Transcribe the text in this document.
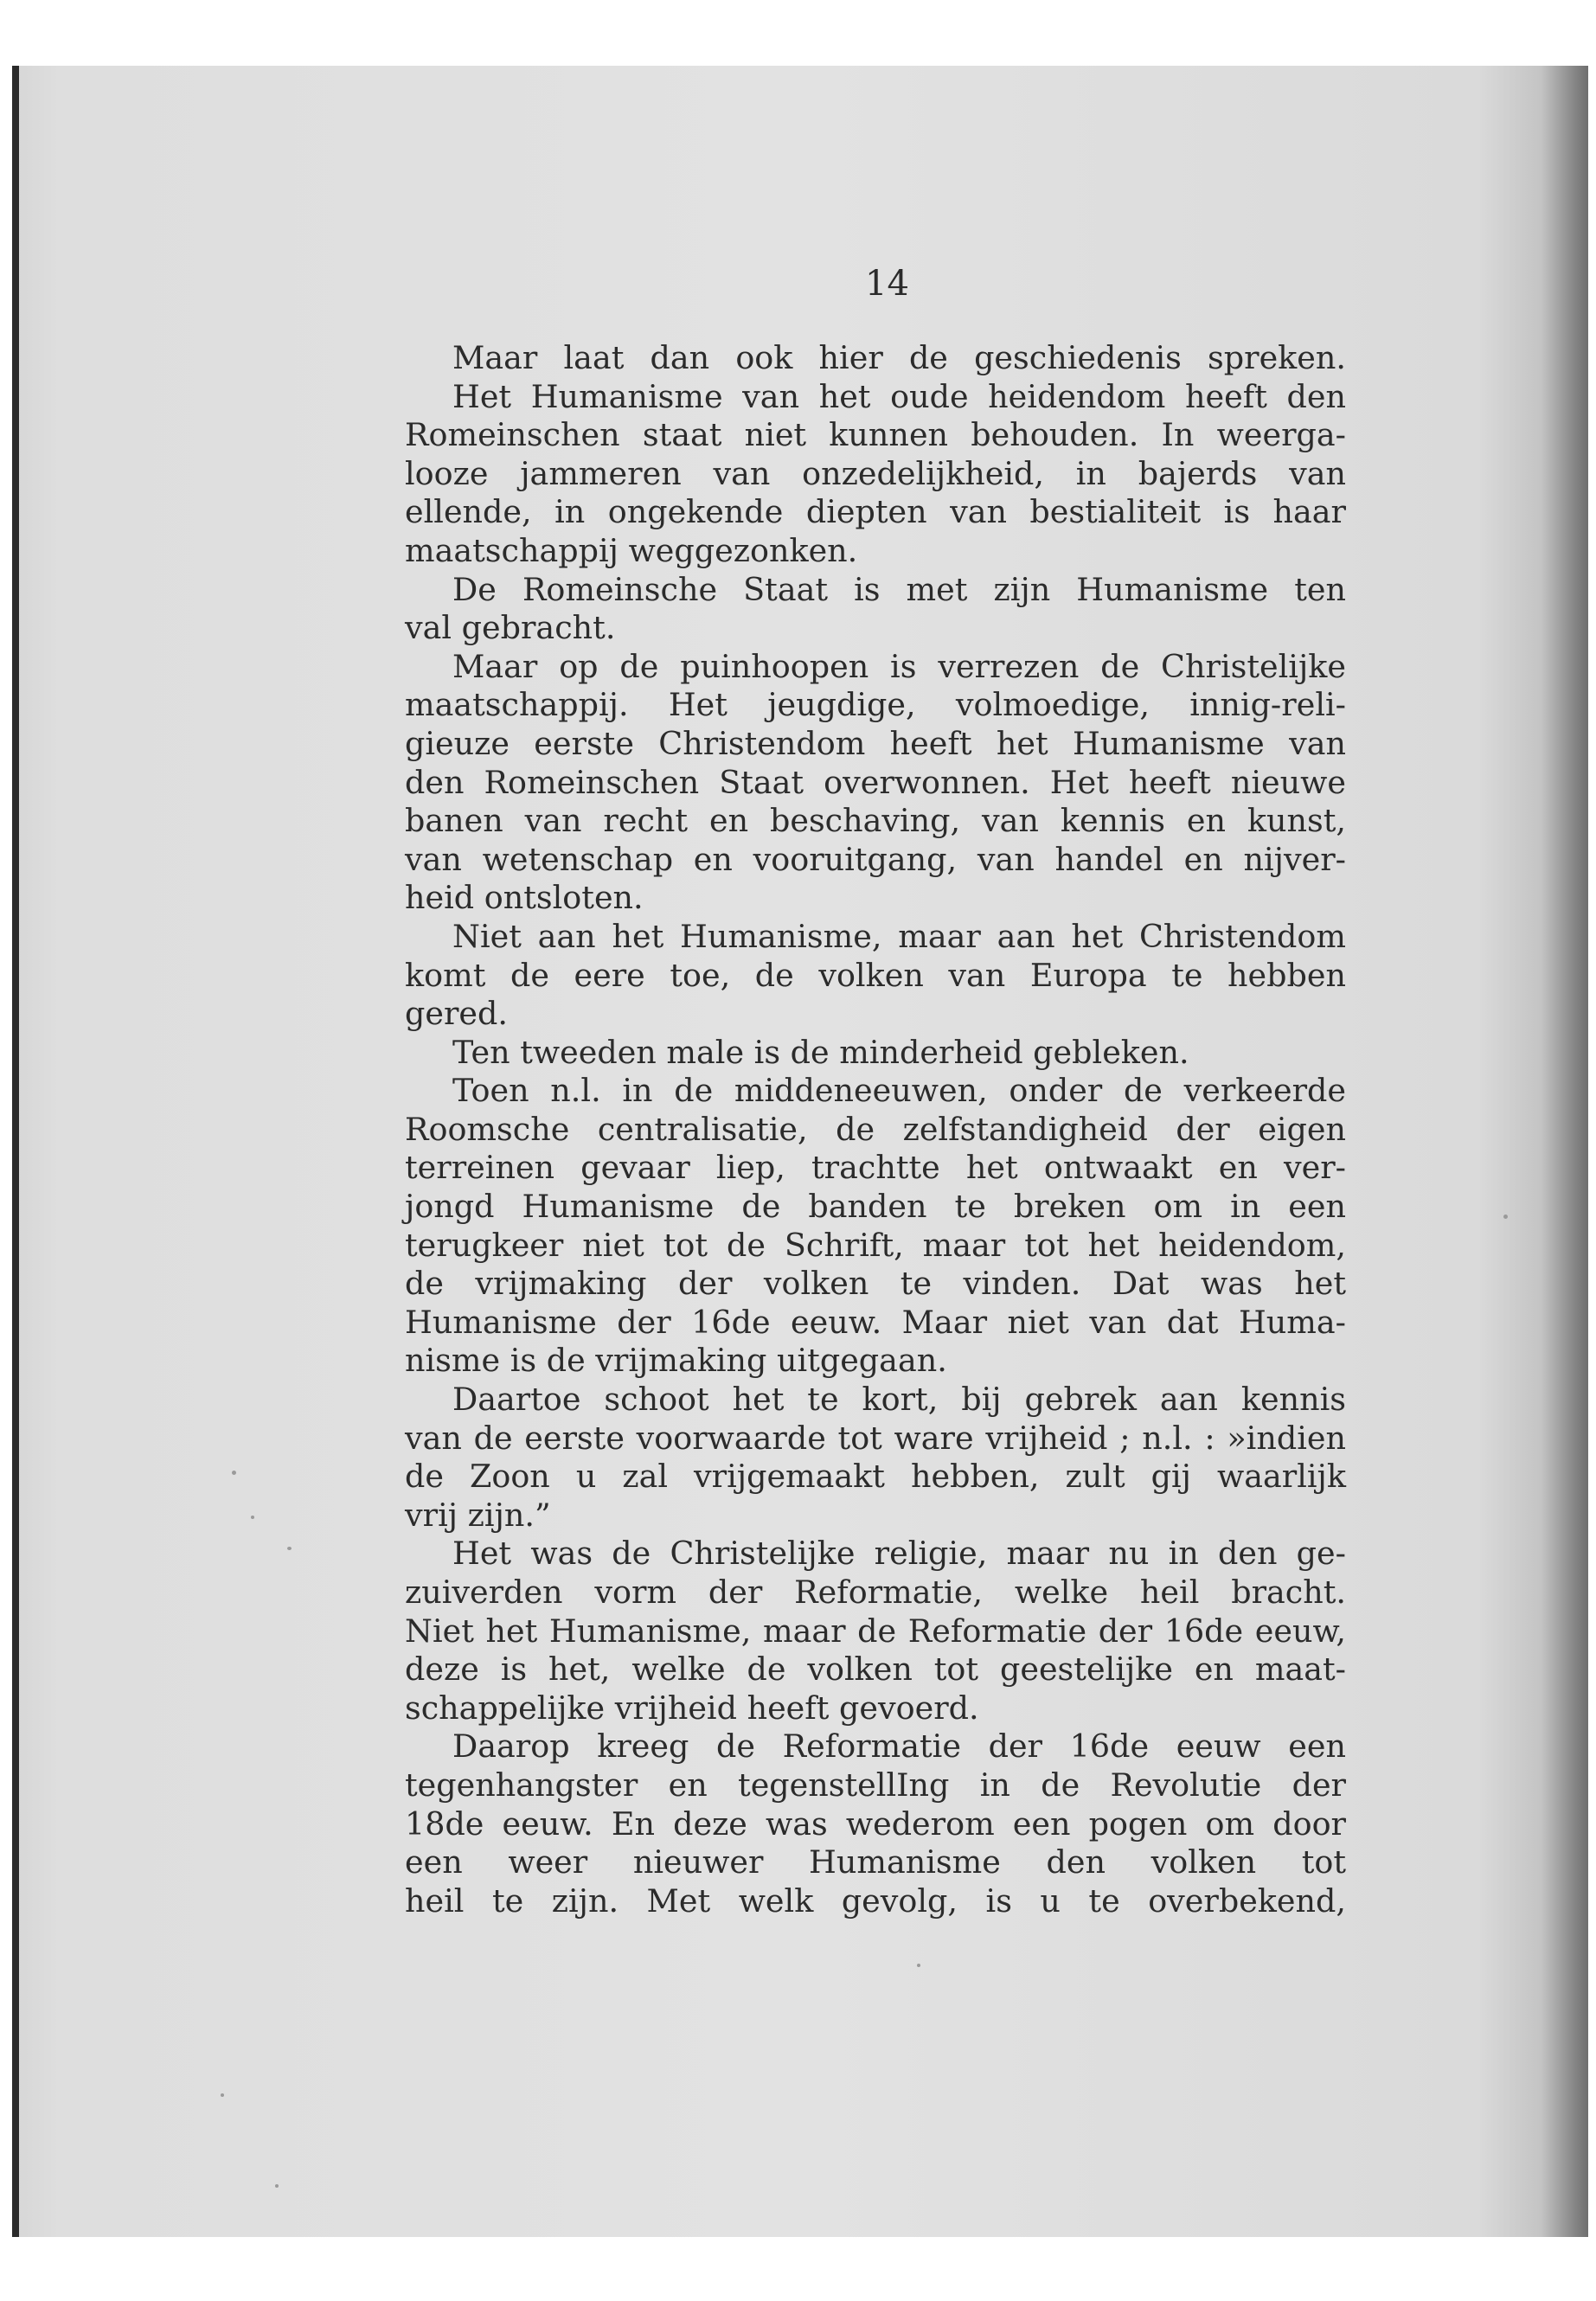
14
Maar laat dan ook hier de geschiedenis spreken.
Het Humanisme van het oude heidendom heeft den
Romeinschen staat niet kunnen behouden. In weerga-
looze jammeren van onzedelijkheid, in bajerds van
ellende, in ongekende diepten van bestialiteit is haar
maatschappij weggezonken.
De Romeinsche Staat is met zijn Humanisme ten
val gebracht.
Maar op de puinhoopen is verrezen de Christelijke
maatschappij. Het jeugdige, volmoedige, innig-reli-
gieuze eerste Christendom heeft het Humanisme van
den Romeinschen Staat overwonnen. Het heeft nieuwe
banen van recht en beschaving, van kennis en kunst,
van wetenschap en vooruitgang, van handel en nijver-
heid ontsloten.
Niet aan het Humanisme, maar aan het Christendom
komt de eere toe, de volken van Europa te hebben
gered.
Ten tweeden male is de minderheid gebleken.
Toen n.l. in de middeneeuwen, onder de verkeerde
Roomsche centralisatie, de zelfstandigheid der eigen
terreinen gevaar liep, trachtte het ontwaakt en ver-
jongd Humanisme de banden te breken om in een
terugkeer niet tot de Schrift, maar tot het heidendom,
de vrijmaking der volken te vinden. Dat was het
Humanisme der 16de eeuw. Maar niet van dat Huma-
nisme is de vrijmaking uitgegaan.
Daartoe schoot het te kort, bij gebrek aan kennis
van de eerste voorwaarde tot ware vrijheid ; n.l. : »indien
de Zoon u zal vrijgemaakt hebben, zult gij waarlijk
vrij zijn.”
Het was de Christelijke religie, maar nu in den ge-
zuiverden vorm der Reformatie, welke heil bracht.
Niet het Humanisme, maar de Reformatie der 16de eeuw,
deze is het, welke de volken tot geestelijke en maat-
schappelijke vrijheid heeft gevoerd.
Daarop kreeg de Reformatie der 16de eeuw een
tegenhangster en tegenstellIng in de Revolutie der
18de eeuw. En deze was wederom een pogen om door
een weer nieuwer Humanisme den volken tot
heil te zijn. Met welk gevolg, is u te overbekend,
